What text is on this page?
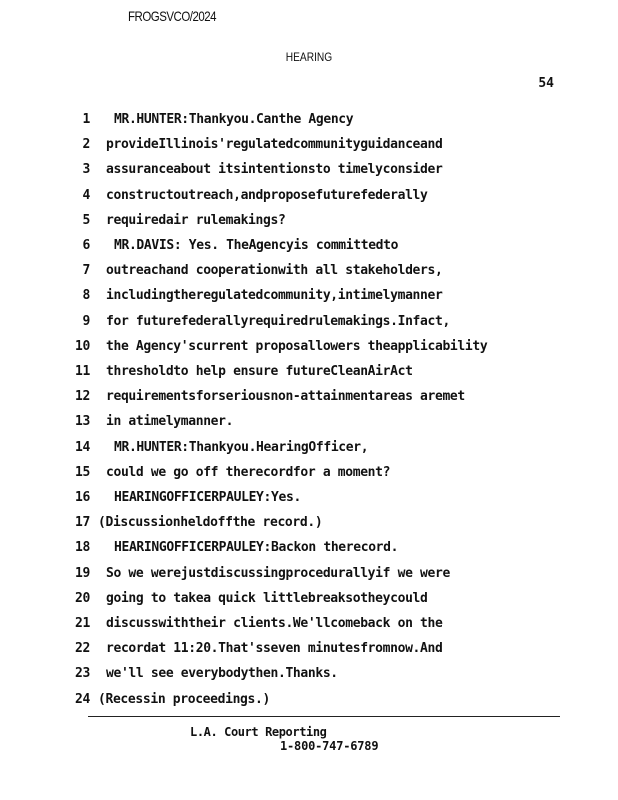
FROGSVCO/2024
HEARING
54
1 MR.HUNTER:Thankyou.Canthe Agency
2 provideIllinois'regulatedcommunityguidanceand
3 assuranceabout itsintentionsto timelyconsider
4 constructoutreach,andproposefuturefederally
5 requiredair rulemakings?
6 MR.DAVIS: Yes. TheAgencyis committedto
7 outreachand cooperationwith all stakeholders,
8 includingtheregulatedcommunity,intimelymanner
9 for futurefederallyrequiredrulemakings.Infact,
10 the Agency'scurrent proposallowers theapplicability
11 thresholdto help ensure futureCleanAirAct
12 requirementsforseriousnon-attainmentareas aremet
13 in atimelymanner.
14 MR.HUNTER:Thankyou.HearingOfficer,
15 could we go off therecordfor a moment?
16 HEARINGOFFICERPAULEY:Yes.
17 (Discussionheldoffthe record.)
18 HEARINGOFFICERPAULEY:Backon therecord.
19 So we werejustdiscussingprocedurallyif we were
20 going to takea quick littlebreaksotheycould
21 discusswiththeir clients.We'llcomeback on the
22 recordat 11:20.That'sseven minutesfromnow.And
23 we'll see everybodythen.Thanks.
24 (Recessin proceedings.)
L.A. Court Reporting
1-800-747-6789
